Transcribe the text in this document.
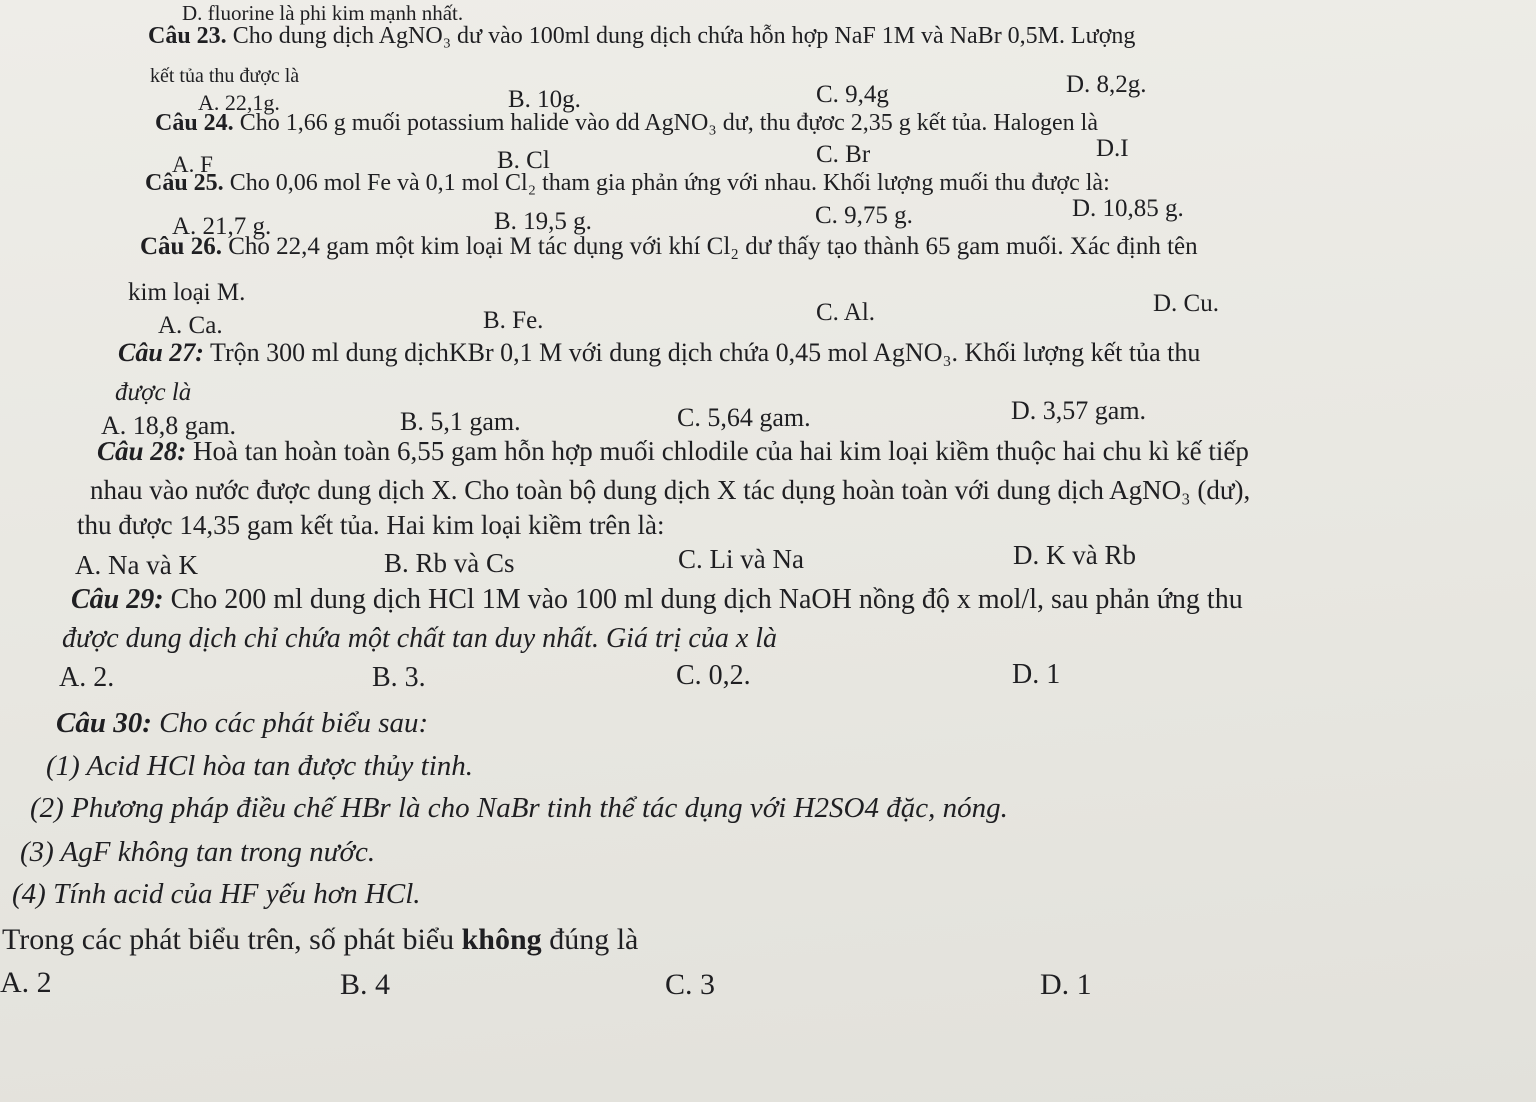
D. fluorine là phi kim mạnh nhất.
Câu 23. Cho dung dịch AgNO₃ dư vào 100ml dung dịch chứa hỗn hợp NaF 1M và NaBr 0,5M. Lượng
kết tủa thu được là
A. 22,1g.	B. 10g.	C. 9,4g	D. 8,2g.
Câu 24. Cho 1,66 g muối potassium halide vào dd AgNO₃ dư, thu đựơc 2,35 g kết tủa. Halogen là
A. F	B. Cl	C. Br	D.I
Câu 25. Cho 0,06 mol Fe và 0,1 mol Cl₂ tham gia phản ứng với nhau. Khối lượng muối thu được là:
A. 21,7 g.	B. 19,5 g.	C. 9,75 g.	D. 10,85 g.
Câu 26. Cho 22,4 gam một kim loại M tác dụng với khí Cl₂ dư thấy tạo thành 65 gam muối. Xác định tên
kim loại M.
A. Ca.	B. Fe.	C. Al.	D. Cu.
Câu 27: Trộn 300 ml dung dịchKBr 0,1 M với dung dịch chứa 0,45 mol AgNO₃. Khối lượng kết tủa thu
được là
A. 18,8 gam.	B. 5,1 gam.	C. 5,64 gam.	D. 3,57 gam.
Câu 28: Hoà tan hoàn toàn 6,55 gam hỗn hợp muối chlodile của hai kim loại kiềm thuộc hai chu kì kế tiếp
nhau vào nước được dung dịch X. Cho toàn bộ dung dịch X tác dụng hoàn toàn với dung dịch AgNO₃ (dư),
thu được 14,35 gam kết tủa. Hai kim loại kiềm trên là:
A. Na và K	B. Rb và Cs	C. Li và Na	D. K và Rb
Câu 29: Cho 200 ml dung dịch HCl 1M vào 100 ml dung dịch NaOH nồng độ x mol/l, sau phản ứng thu
được dung dịch chỉ chứa một chất tan duy nhất. Giá trị của x là
A. 2.	B. 3.	C. 0,2.	D. 1
Câu 30: Cho các phát biểu sau:
(1) Acid HCl hòa tan được thủy tinh.
(2) Phương pháp điều chế HBr là cho NaBr tinh thể tác dụng với H2SO4 đặc, nóng.
(3) AgF không tan trong nước.
(4) Tính acid của HF yếu hơn HCl.
Trong các phát biểu trên, số phát biểu không đúng là
A. 2	B. 4	C. 3	D. 1
